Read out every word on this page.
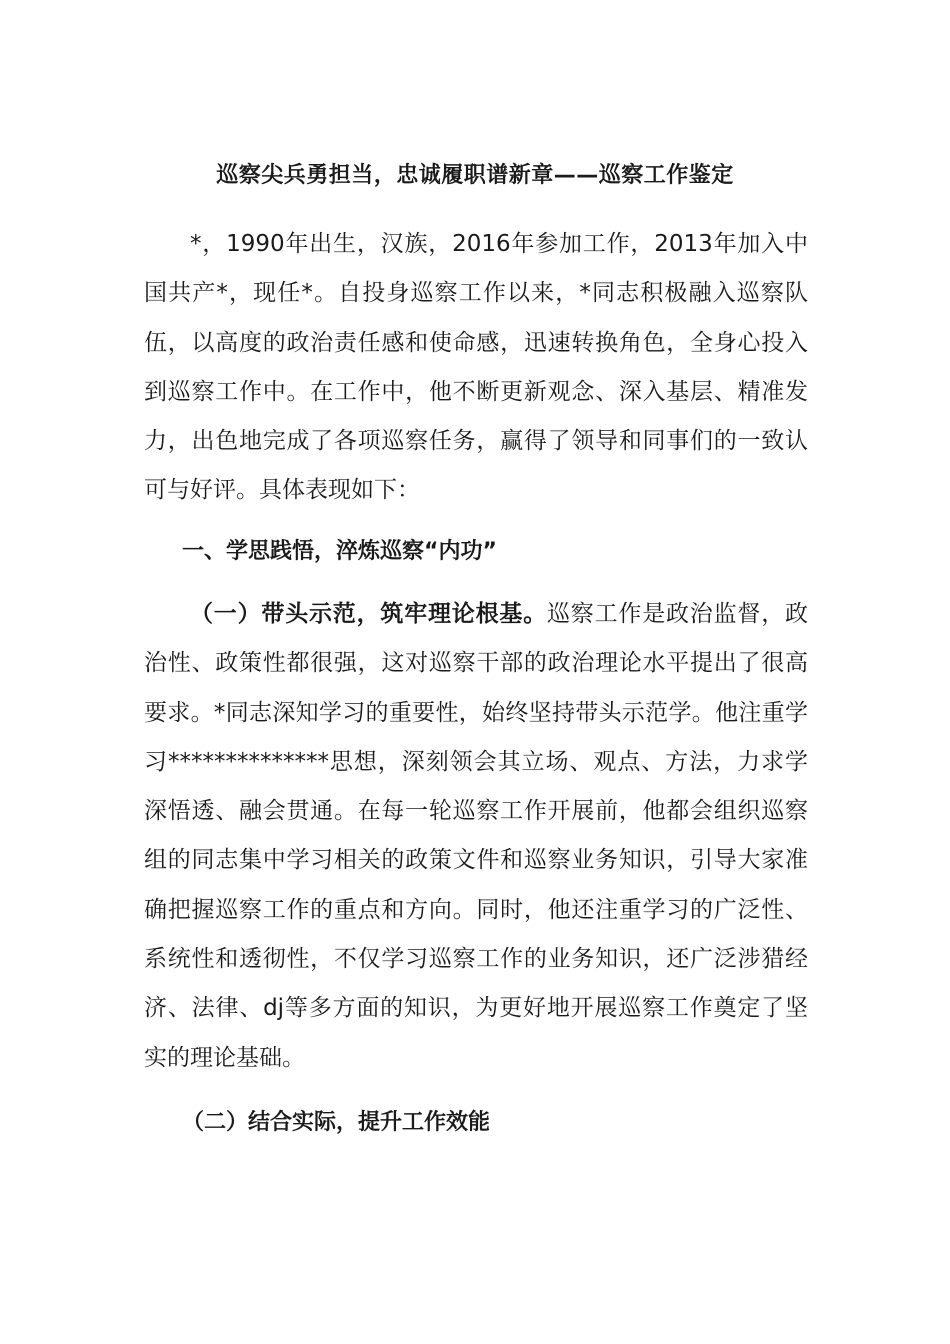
巡察尖兵勇担当，忠诚履职谱新章——巡察工作鉴定

*，1990年出生，汉族，2016年参加工作，2013年加入中国共产*，现任*。自投身巡察工作以来，*同志积极融入巡察队伍，以高度的政治责任感和使命感，迅速转换角色，全身心投入到巡察工作中。在工作中，他不断更新观念、深入基层、精准发力，出色地完成了各项巡察任务，赢得了领导和同事们的一致认可与好评。具体表现如下：

一、学思践悟，淬炼巡察“内功”

（一）带头示范，筑牢理论根基。巡察工作是政治监督，政治性、政策性都很强，这对巡察干部的政治理论水平提出了很高要求。*同志深知学习的重要性，始终坚持带头示范学。他注重学习**************思想，深刻领会其立场、观点、方法，力求学深悟透、融会贯通。在每一轮巡察工作开展前，他都会组织巡察组的同志集中学习相关的政策文件和巡察业务知识，引导大家准确把握巡察工作的重点和方向。同时，他还注重学习的广泛性、系统性和透彻性，不仅学习巡察工作的业务知识，还广泛涉猎经济、法律、dj等多方面的知识，为更好地开展巡察工作奠定了坚实的理论基础。

（二）结合实际，提升工作效能
